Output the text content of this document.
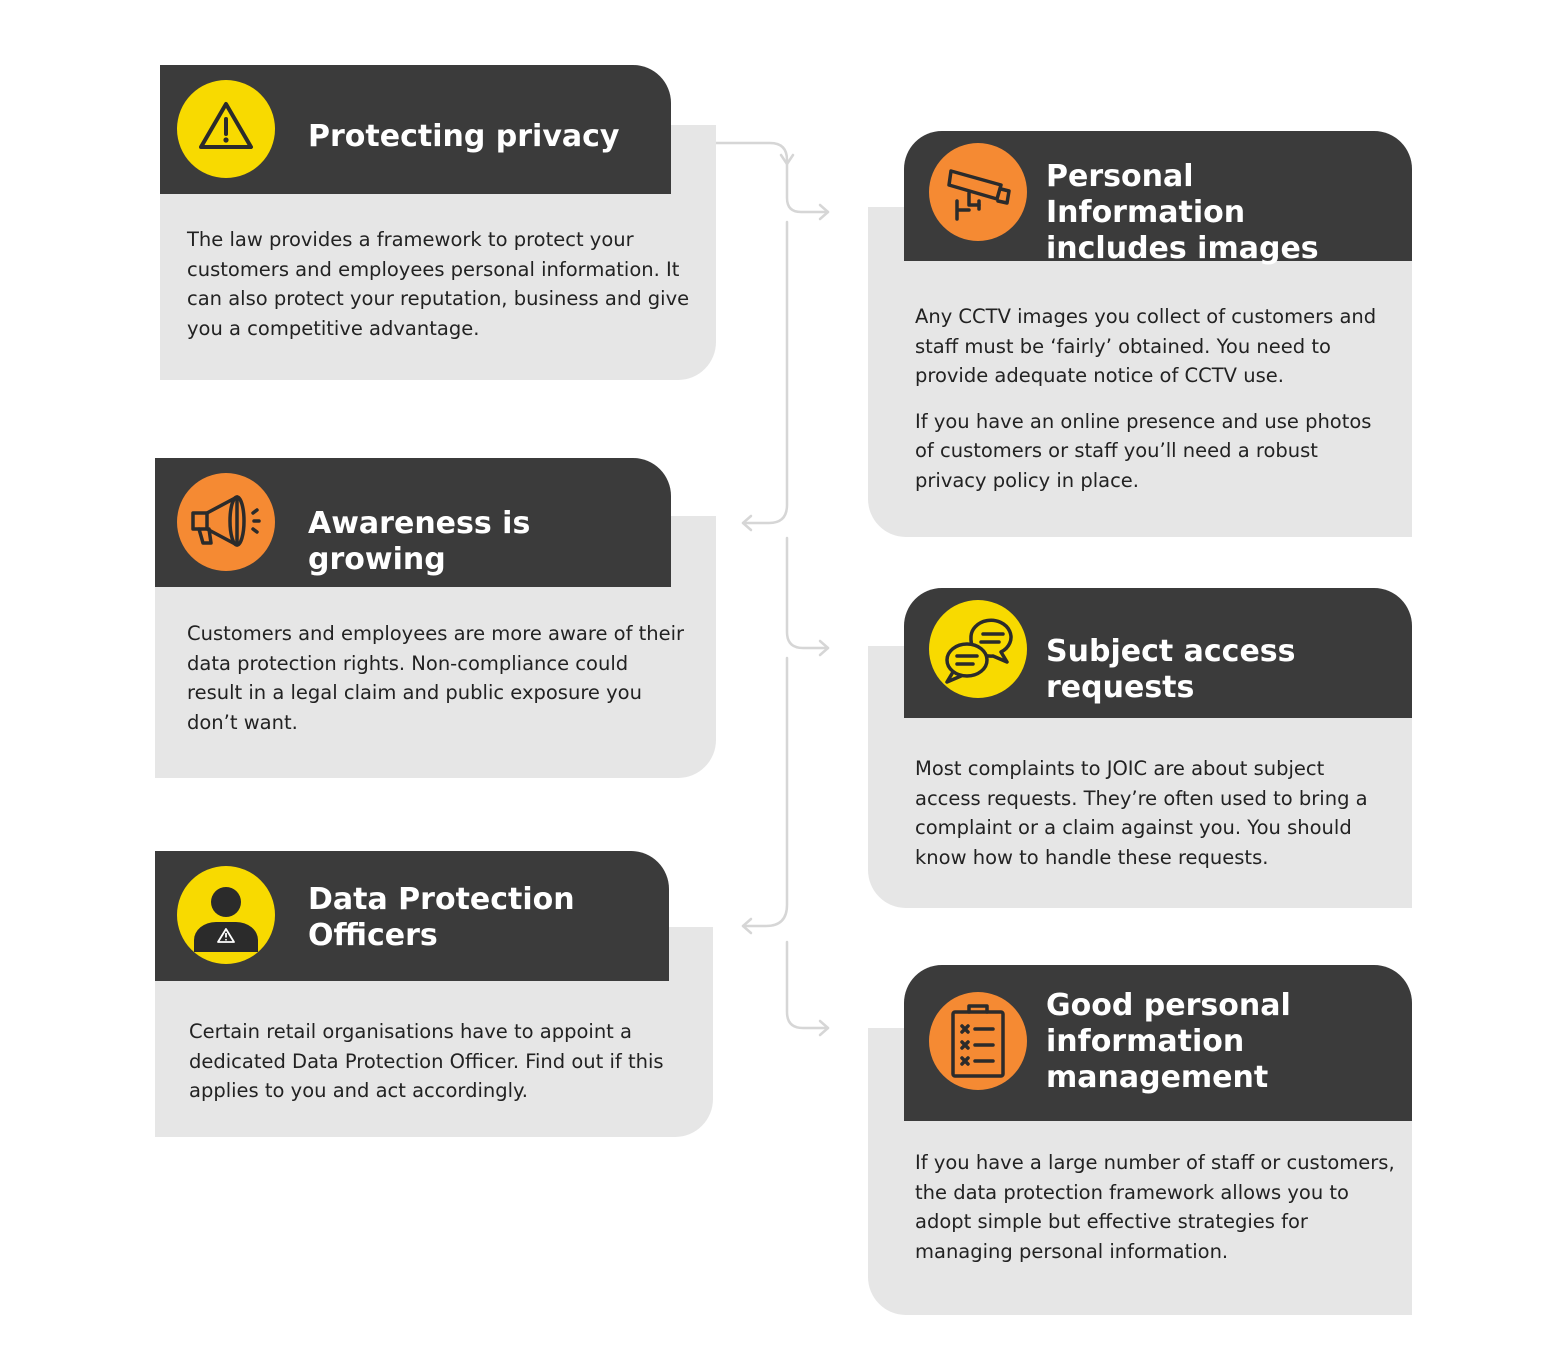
Protecting privacy

The law provides a framework to protect your customers and employees personal information. It can also protect your reputation, business and give you a competitive advantage.

Personal Information includes images

Any CCTV images you collect of customers and staff must be ‘fairly’ obtained. You need to provide adequate notice of CCTV use.

If you have an online presence and use photos of customers or staff you’ll need a robust privacy policy in place.

Awareness is growing

Customers and employees are more aware of their data protection rights. Non-compliance could result in a legal claim and public exposure you don’t want.

Subject access requests

Most complaints to JOIC are about subject access requests. They’re often used to bring a complaint or a claim against you. You should know how to handle these requests.

Data Protection Officers

Certain retail organisations have to appoint a dedicated Data Protection Officer. Find out if this applies to you and act accordingly.

Good personal information management

If you have a large number of staff or customers, the data protection framework allows you to adopt simple but effective strategies for managing personal information.
